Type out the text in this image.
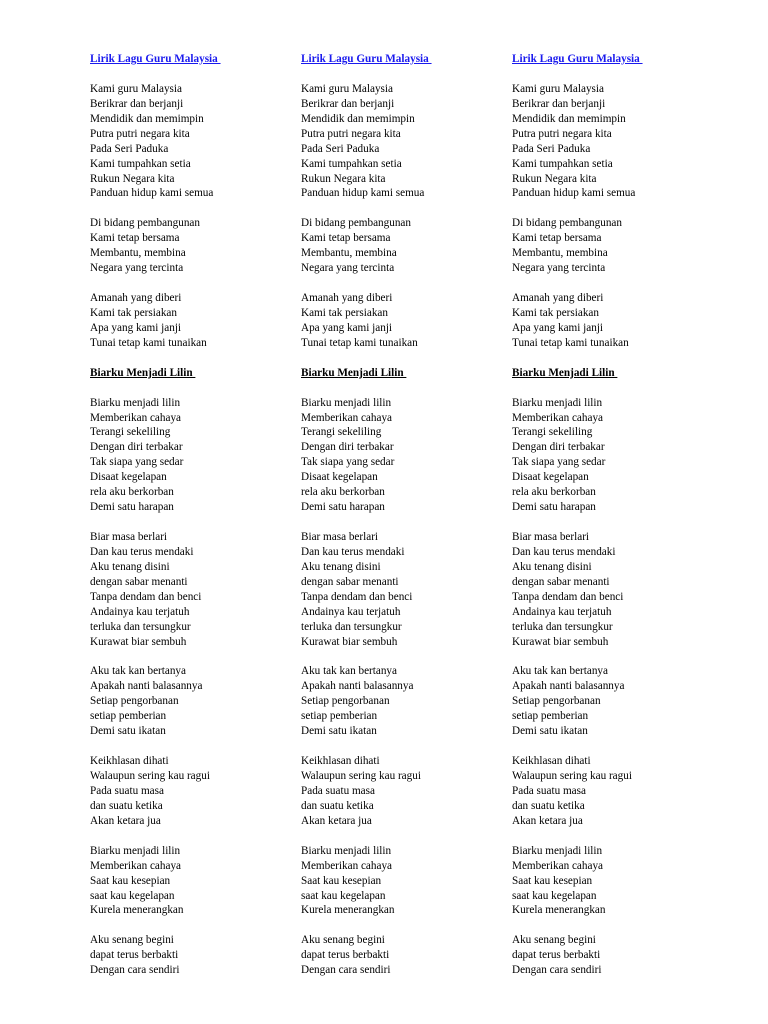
Lirik Lagu Guru Malaysia
Kami guru Malaysia
Berikrar dan berjanji
Mendidik dan memimpin
Putra putri negara kita
Pada Seri Paduka
Kami tumpahkan setia
Rukun Negara kita
Panduan hidup kami semua
Di bidang pembangunan
Kami tetap bersama
Membantu, membina
Negara yang tercinta
Amanah yang diberi
Kami tak persiakan
Apa yang kami janji
Tunai tetap kami tunaikan
Biarku Menjadi Lilin
Biarku menjadi lilin
Memberikan cahaya
Terangi sekeliling
Dengan diri terbakar
Tak siapa yang sedar
Disaat kegelapan
rela aku berkorban
Demi satu harapan
Biar masa berlari
Dan kau terus mendaki
Aku tenang disini
dengan sabar menanti
Tanpa dendam dan benci
Andainya kau terjatuh
terluka dan tersungkur
Kurawat biar sembuh
Aku tak kan bertanya
Apakah nanti balasannya
Setiap pengorbanan
setiap pemberian
Demi satu ikatan
Keikhlasan dihati
Walaupun sering kau ragui
Pada suatu masa
dan suatu ketika
Akan ketara jua
Biarku menjadi lilin
Memberikan cahaya
Saat kau kesepian
saat kau kegelapan
Kurela menerangkan
Aku senang begini
dapat terus berbakti
Dengan cara sendiri
Lirik Lagu Guru Malaysia
Kami guru Malaysia
Berikrar dan berjanji
Mendidik dan memimpin
Putra putri negara kita
Pada Seri Paduka
Kami tumpahkan setia
Rukun Negara kita
Panduan hidup kami semua
Di bidang pembangunan
Kami tetap bersama
Membantu, membina
Negara yang tercinta
Amanah yang diberi
Kami tak persiakan
Apa yang kami janji
Tunai tetap kami tunaikan
Biarku Menjadi Lilin
Biarku menjadi lilin
Memberikan cahaya
Terangi sekeliling
Dengan diri terbakar
Tak siapa yang sedar
Disaat kegelapan
rela aku berkorban
Demi satu harapan
Biar masa berlari
Dan kau terus mendaki
Aku tenang disini
dengan sabar menanti
Tanpa dendam dan benci
Andainya kau terjatuh
terluka dan tersungkur
Kurawat biar sembuh
Aku tak kan bertanya
Apakah nanti balasannya
Setiap pengorbanan
setiap pemberian
Demi satu ikatan
Keikhlasan dihati
Walaupun sering kau ragui
Pada suatu masa
dan suatu ketika
Akan ketara jua
Biarku menjadi lilin
Memberikan cahaya
Saat kau kesepian
saat kau kegelapan
Kurela menerangkan
Aku senang begini
dapat terus berbakti
Dengan cara sendiri
Lirik Lagu Guru Malaysia
Kami guru Malaysia
Berikrar dan berjanji
Mendidik dan memimpin
Putra putri negara kita
Pada Seri Paduka
Kami tumpahkan setia
Rukun Negara kita
Panduan hidup kami semua
Di bidang pembangunan
Kami tetap bersama
Membantu, membina
Negara yang tercinta
Amanah yang diberi
Kami tak persiakan
Apa yang kami janji
Tunai tetap kami tunaikan
Biarku Menjadi Lilin
Biarku menjadi lilin
Memberikan cahaya
Terangi sekeliling
Dengan diri terbakar
Tak siapa yang sedar
Disaat kegelapan
rela aku berkorban
Demi satu harapan
Biar masa berlari
Dan kau terus mendaki
Aku tenang disini
dengan sabar menanti
Tanpa dendam dan benci
Andainya kau terjatuh
terluka dan tersungkur
Kurawat biar sembuh
Aku tak kan bertanya
Apakah nanti balasannya
Setiap pengorbanan
setiap pemberian
Demi satu ikatan
Keikhlasan dihati
Walaupun sering kau ragui
Pada suatu masa
dan suatu ketika
Akan ketara jua
Biarku menjadi lilin
Memberikan cahaya
Saat kau kesepian
saat kau kegelapan
Kurela menerangkan
Aku senang begini
dapat terus berbakti
Dengan cara sendiri
